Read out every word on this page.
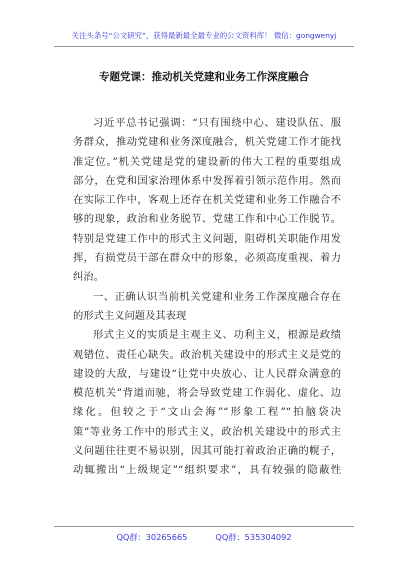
关注头条号“公文研究”，获得最新最全最专业的公文资料库！ 微信：gongwenyj
专题党课：推动机关党建和业务工作深度融合
习近平总书记强调：“只有围绕中心、建设队伍、服
务群众，推动党建和业务深度融合，机关党建工作才能找
准定位。”机关党建是党的建设新的伟大工程的重要组成
部分，在党和国家治理体系中发挥着引领示范作用。然而
在实际工作中，客观上还存在机关党建和业务工作融合不
够的现象，政治和业务脱节、党建工作和中心工作脱节。
特别是党建工作中的形式主义问题，阻碍机关职能作用发
挥，有损党员干部在群众中的形象，必须高度重视、着力
纠治。
一、正确认识当前机关党建和业务工作深度融合存在
的形式主义问题及其表现
形式主义的实质是主观主义、功利主义，根源是政绩
观错位、责任心缺失。政治机关建设中的形式主义是党的
建设的大敌，与建设“让党中央放心、让人民群众满意的
模范机关”背道而驰，将会导致党建工作弱化、虚化、边
缘化。但较之于“文山会海”“形象工程”“拍脑袋决
策”等业务工作中的形式主义，政治机关建设中的形式主
义问题往往更不易识别，因其可能打着政治正确的幌子，
动辄搬出“上级规定”“组织要求”，具有较强的隐蔽性
QQ群：30265665	QQ群：535304092
